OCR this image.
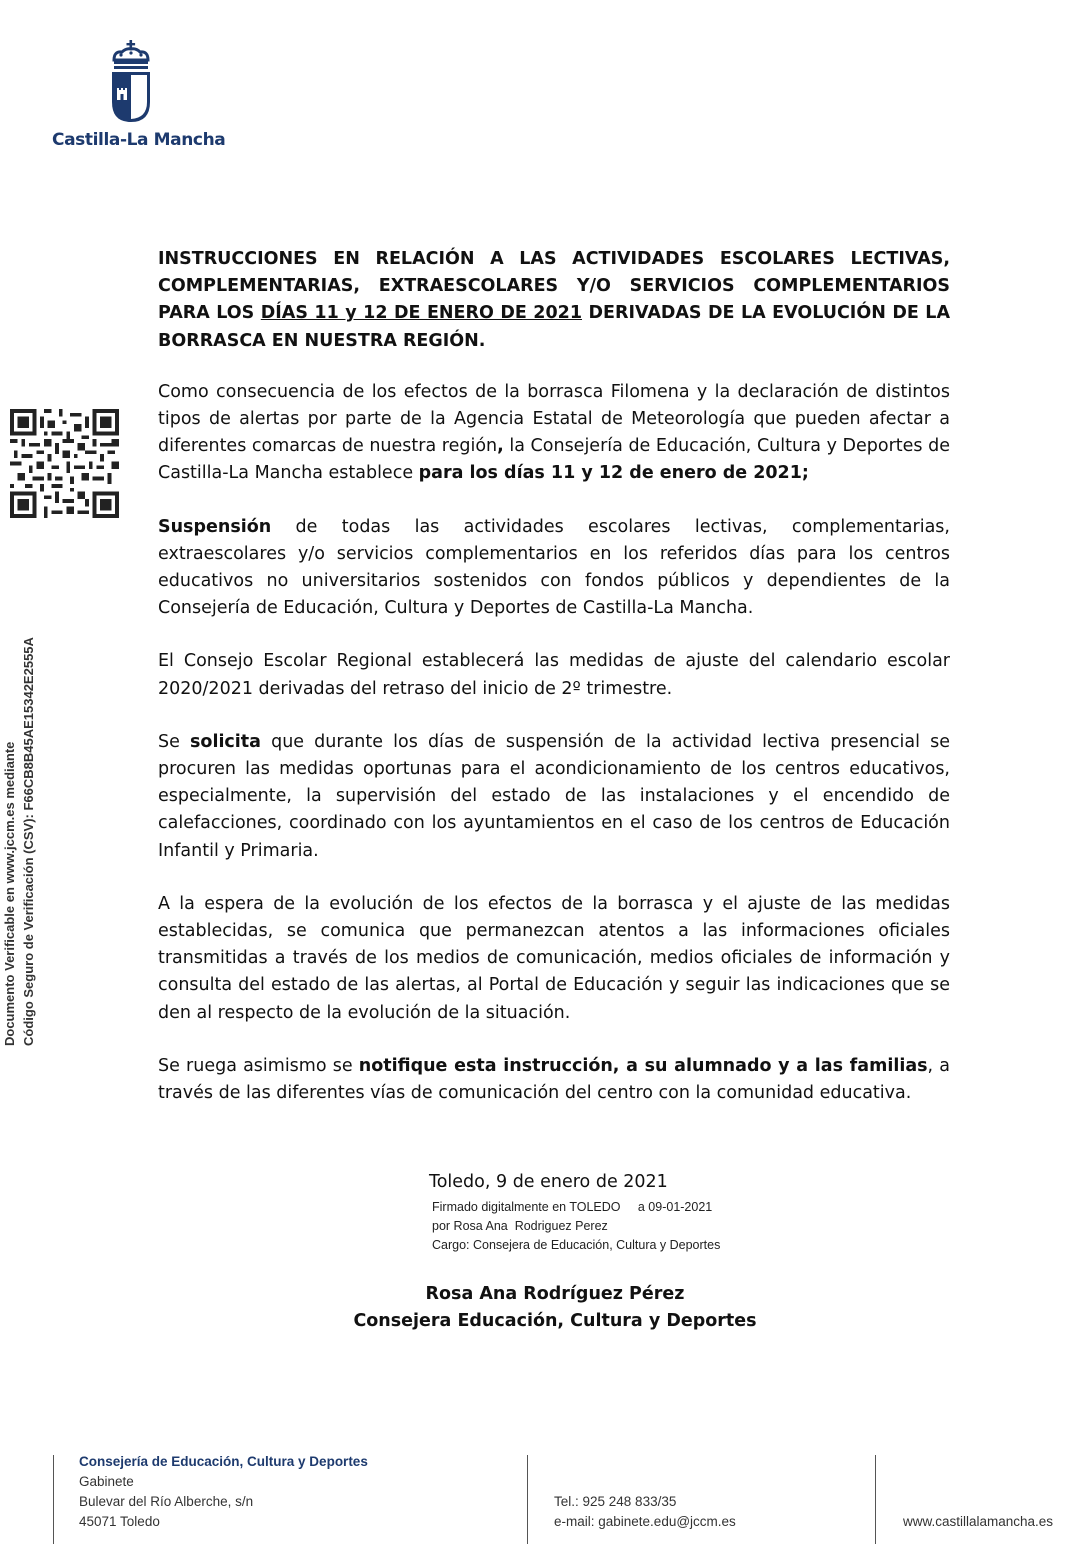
Castilla-La Mancha
Documento Verificable en www.jccm.es mediante Código Seguro de Verificación (CSV): F66CB8B45AE15342E2555A
INSTRUCCIONES EN RELACIÓN A LAS ACTIVIDADES ESCOLARES LECTIVAS, COMPLEMENTARIAS, EXTRAESCOLARES Y/O SERVICIOS COMPLEMENTARIOS PARA LOS DÍAS 11 y 12 DE ENERO DE 2021 DERIVADAS DE LA EVOLUCIÓN DE LA BORRASCA EN NUESTRA REGIÓN.

Como consecuencia de los efectos de la borrasca Filomena y la declaración de distintos tipos de alertas por parte de la Agencia Estatal de Meteorología que pueden afectar a diferentes comarcas de nuestra región, la Consejería de Educación, Cultura y Deportes de Castilla-La Mancha establece para los días 11 y 12 de enero de 2021;

Suspensión de todas las actividades escolares lectivas, complementarias, extraescolares y/o servicios complementarios en los referidos días para los centros educativos no universitarios sostenidos con fondos públicos y dependientes de la Consejería de Educación, Cultura y Deportes de Castilla-La Mancha.

El Consejo Escolar Regional establecerá las medidas de ajuste del calendario escolar 2020/2021 derivadas del retraso del inicio de 2º trimestre.

Se solicita que durante los días de suspensión de la actividad lectiva presencial se procuren las medidas oportunas para el acondicionamiento de los centros educativos, especialmente, la supervisión del estado de las instalaciones y el encendido de calefacciones, coordinado con los ayuntamientos en el caso de los centros de Educación Infantil y Primaria.

A la espera de la evolución de los efectos de la borrasca y el ajuste de las medidas establecidas, se comunica que permanezcan atentos a las informaciones oficiales transmitidas a través de los medios de comunicación, medios oficiales de información y consulta del estado de las alertas, al Portal de Educación y seguir las indicaciones que se den al respecto de la evolución de la situación.

Se ruega asimismo se notifique esta instrucción, a su alumnado y a las familias, a través de las diferentes vías de comunicación del centro con la comunidad educativa.

Toledo, 9 de enero de 2021
Firmado digitalmente en TOLEDO     a 09-01-2021
por Rosa Ana  Rodriguez Perez
Cargo: Consejera de Educación, Cultura y Deportes
Rosa Ana Rodríguez Pérez
Consejera Educación, Cultura y Deportes
Consejería de Educación, Cultura y Deportes
Gabinete
Bulevar del Río Alberche, s/n
45071 Toledo
Tel.: 925 248 833/35
e-mail: gabinete.edu@jccm.es	www.castillalamancha.es
